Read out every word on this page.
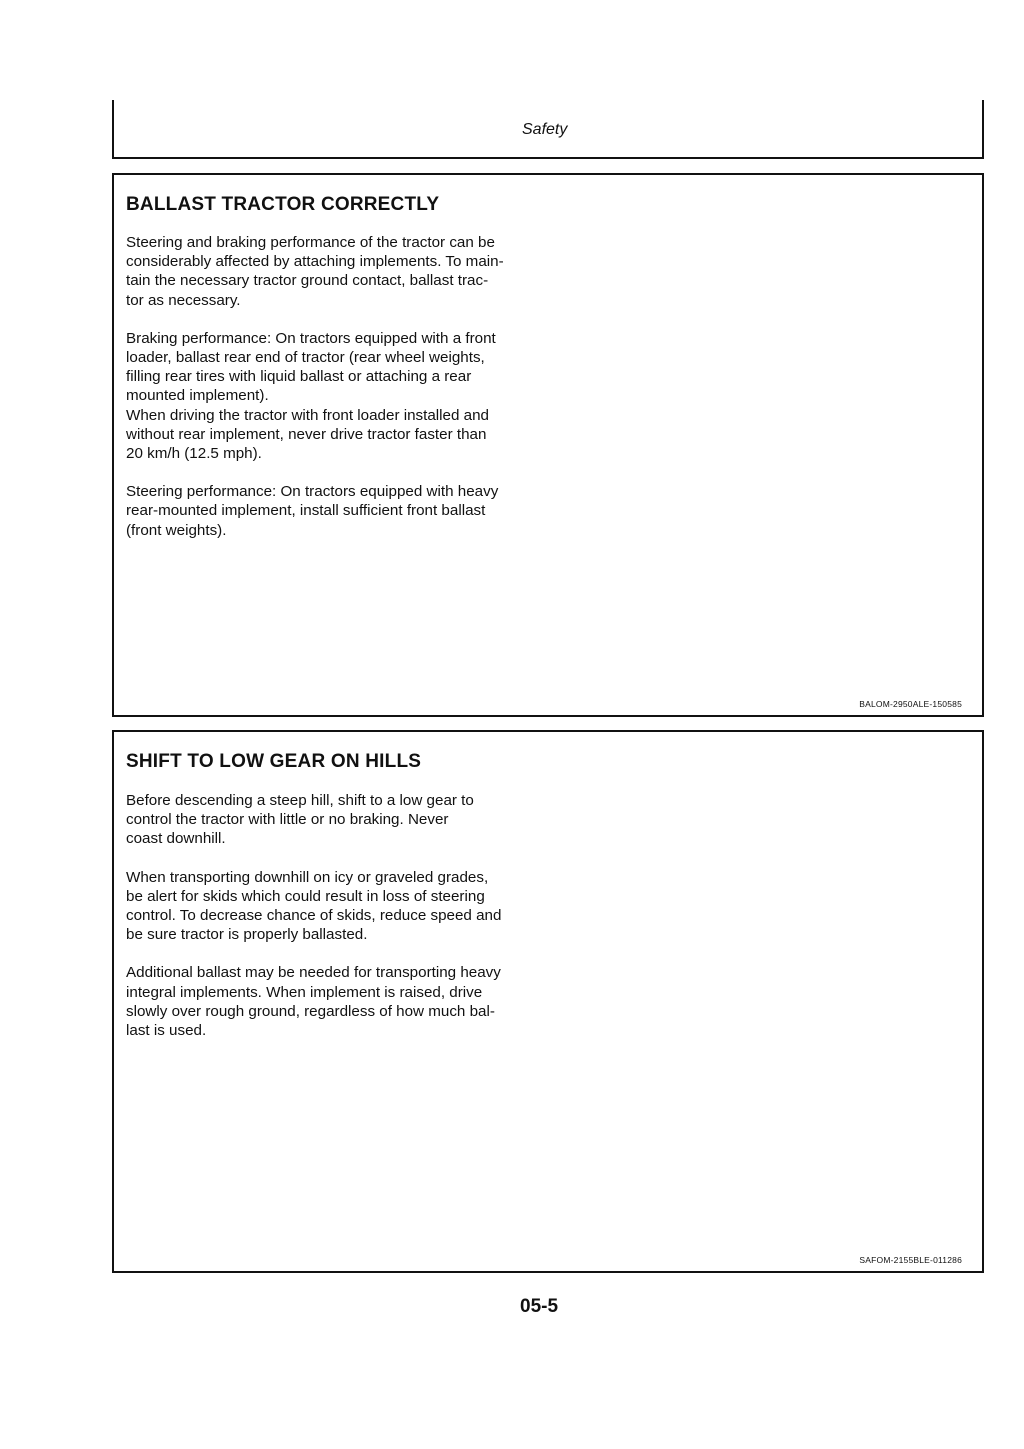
Safety
BALLAST TRACTOR CORRECTLY

Steering and braking performance of the tractor can be
considerably affected by attaching implements. To main-
tain the necessary tractor ground contact, ballast trac-
tor as necessary.

Braking performance: On tractors equipped with a front
loader, ballast rear end of tractor (rear wheel weights,
filling rear tires with liquid ballast or attaching a rear
mounted implement).
When driving the tractor with front loader installed and
without rear implement, never drive tractor faster than
20 km/h (12.5 mph).

Steering performance: On tractors equipped with heavy
rear-mounted implement, install sufficient front ballast
(front weights).

BALOM-2950ALE-150585
SHIFT TO LOW GEAR ON HILLS

Before descending a steep hill, shift to a low gear to
control the tractor with little or no braking. Never
coast downhill.

When transporting downhill on icy or graveled grades,
be alert for skids which could result in loss of steering
control. To decrease chance of skids, reduce speed and
be sure tractor is properly ballasted.

Additional ballast may be needed for transporting heavy
integral implements. When implement is raised, drive
slowly over rough ground, regardless of how much bal-
last is used.

SAFOM-2155BLE-011286
05-5
